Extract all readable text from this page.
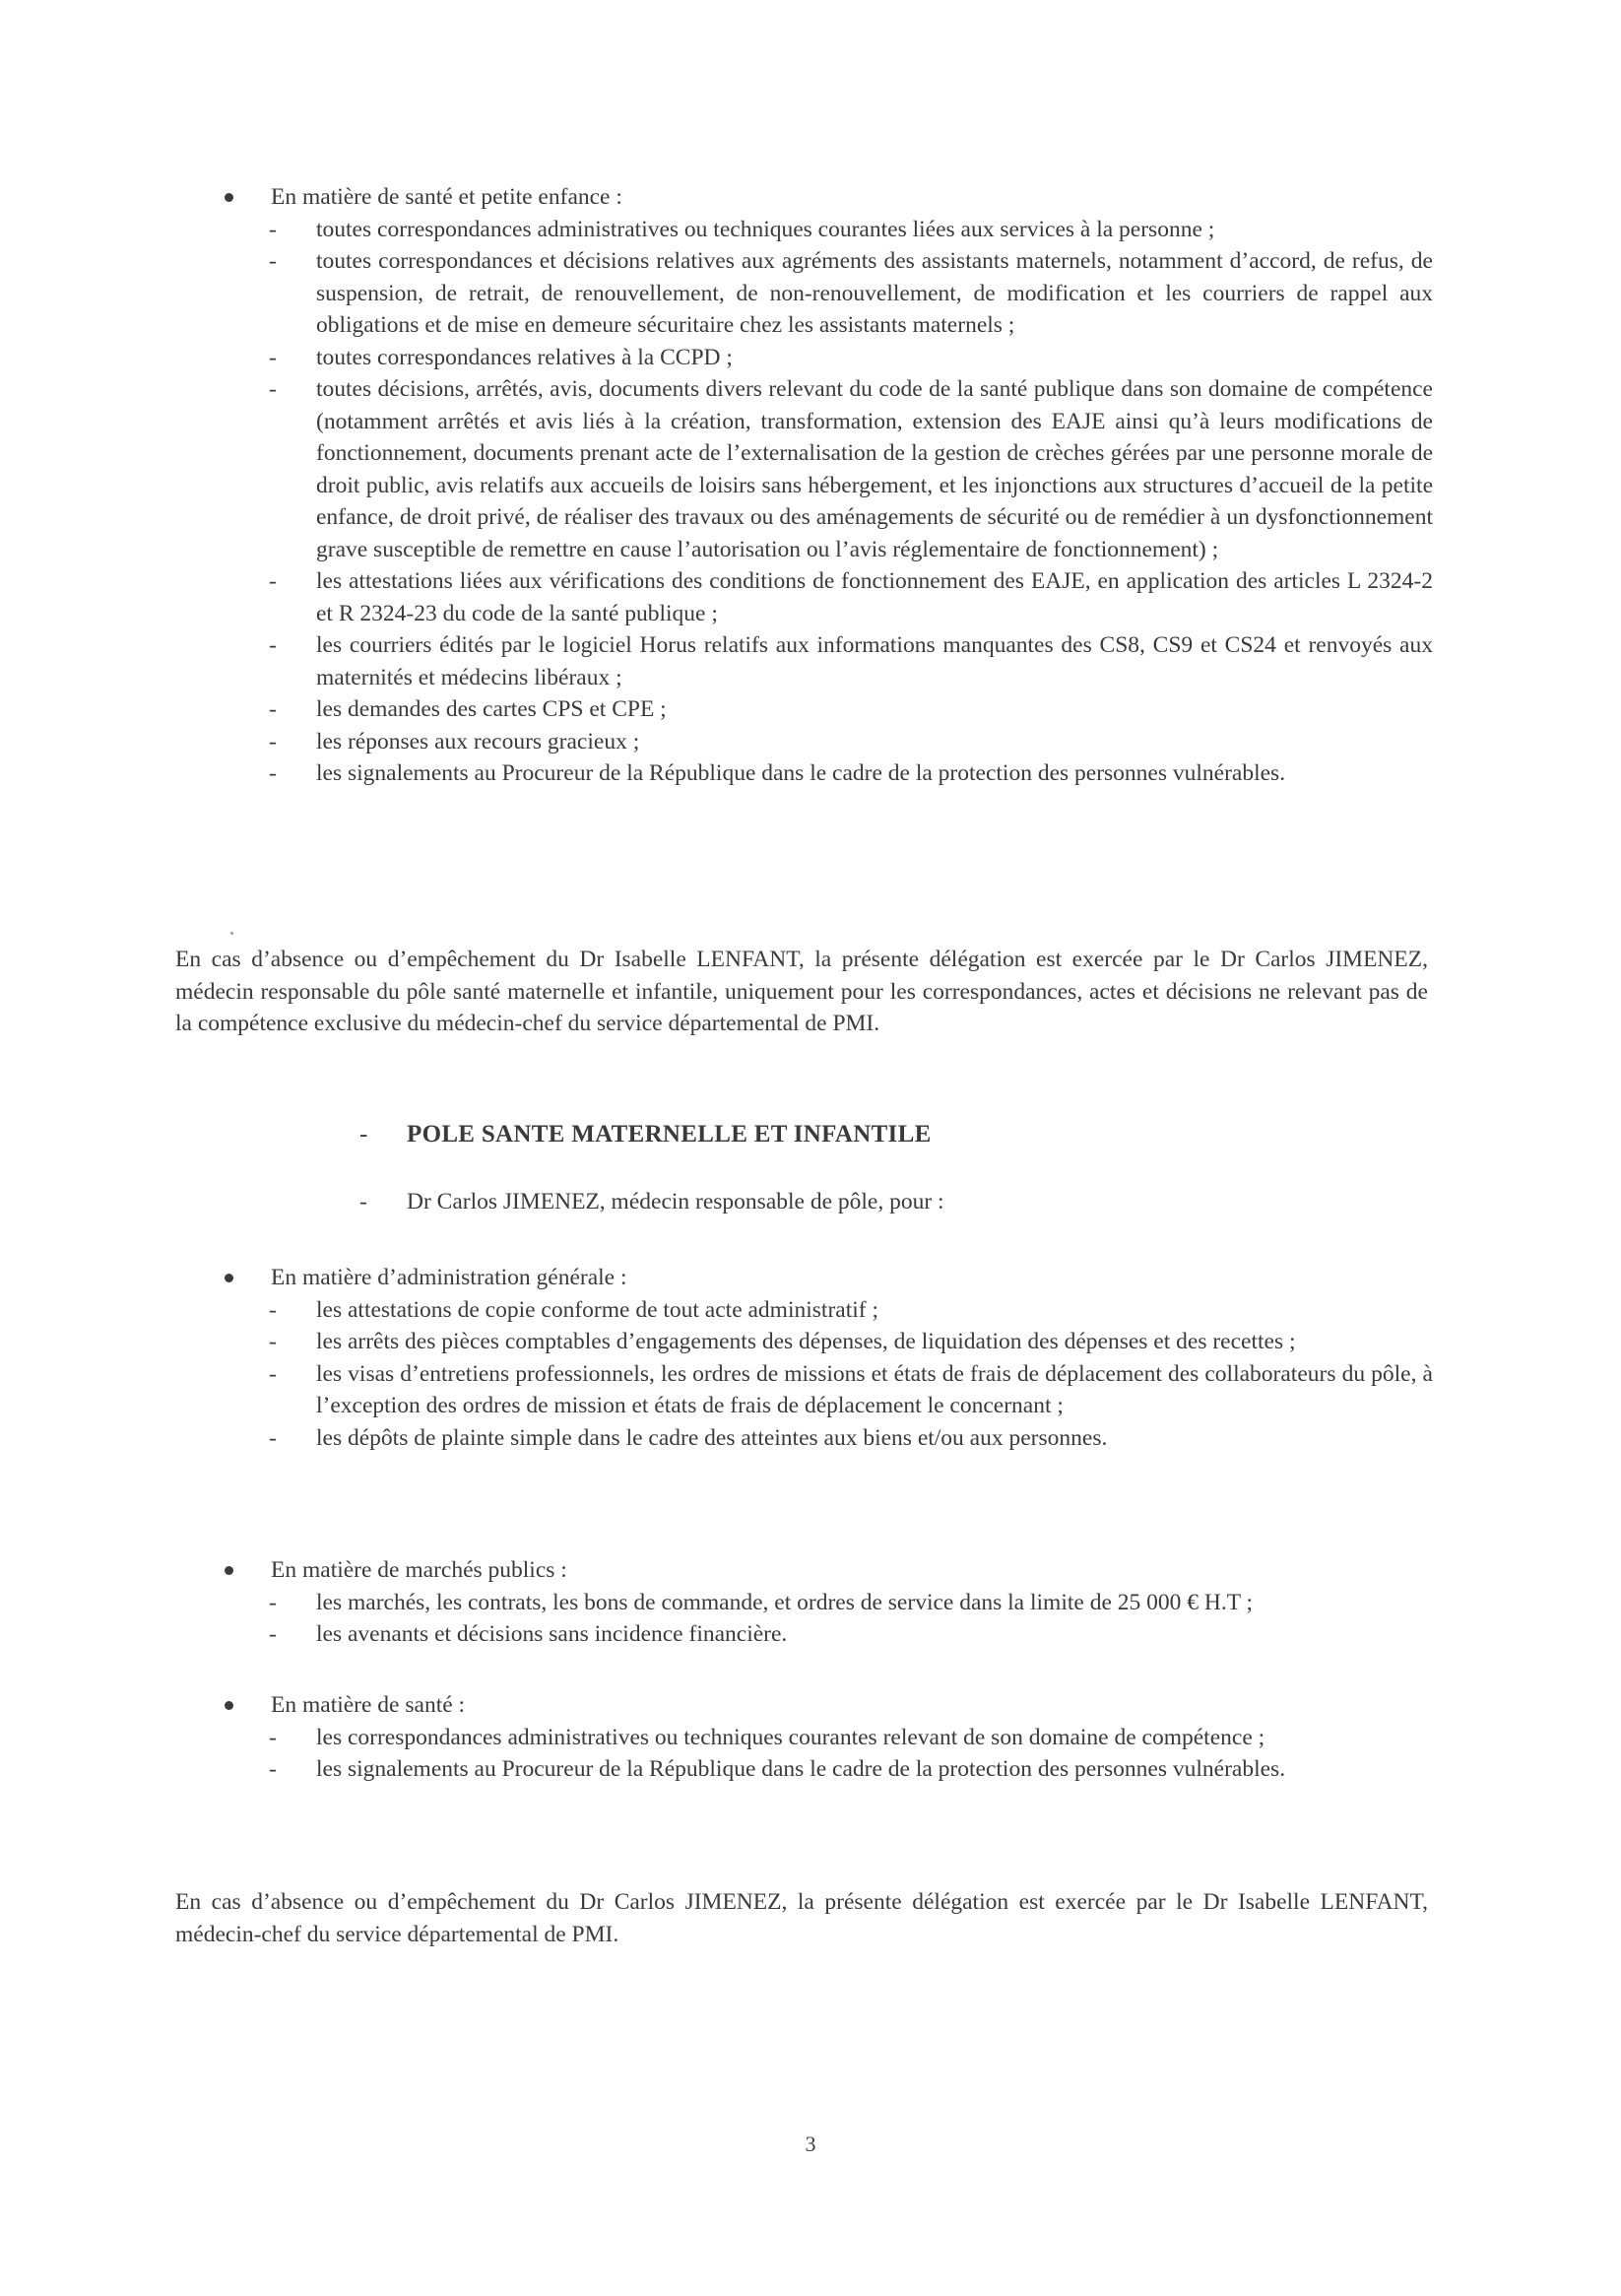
En matière de santé et petite enfance :
- toutes correspondances administratives ou techniques courantes liées aux services à la personne ;
- toutes correspondances et décisions relatives aux agréments des assistants maternels, notamment d’accord, de refus, de suspension, de retrait, de renouvellement, de non-renouvellement, de modification et les courriers de rappel aux obligations et de mise en demeure sécuritaire chez les assistants maternels ;
- toutes correspondances relatives à la CCPD ;
- toutes décisions, arrêtés, avis, documents divers relevant du code de la santé publique dans son domaine de compétence (notamment arrêtés et avis liés à la création, transformation, extension des EAJE ainsi qu’à leurs modifications de fonctionnement, documents prenant acte de l’externalisation de la gestion de crèches gérées par une personne morale de droit public, avis relatifs aux accueils de loisirs sans hébergement, et les injonctions aux structures d’accueil de la petite enfance, de droit privé, de réaliser des travaux ou des aménagements de sécurité ou de remédier à un dysfonctionnement grave susceptible de remettre en cause l’autorisation ou l’avis réglementaire de fonctionnement) ;
- les attestations liées aux vérifications des conditions de fonctionnement des EAJE, en application des articles L 2324-2 et R 2324-23 du code de la santé publique ;
- les courriers édités par le logiciel Horus relatifs aux informations manquantes des CS8, CS9 et CS24 et renvoyés aux maternités et médecins libéraux ;
- les demandes des cartes CPS et CPE ;
- les réponses aux recours gracieux ;
- les signalements au Procureur de la République dans le cadre de la protection des personnes vulnérables.

En cas d’absence ou d’empêchement du Dr Isabelle LENFANT, la présente délégation est exercée par le Dr Carlos JIMENEZ, médecin responsable du pôle santé maternelle et infantile, uniquement pour les correspondances, actes et décisions ne relevant pas de la compétence exclusive du médecin-chef du service départemental de PMI.

- POLE SANTE MATERNELLE ET INFANTILE
- Dr Carlos JIMENEZ, médecin responsable de pôle, pour :
En matière d’administration générale :
- les attestations de copie conforme de tout acte administratif ;
- les arrêts des pièces comptables d’engagements des dépenses, de liquidation des dépenses et des recettes ;
- les visas d’entretiens professionnels, les ordres de missions et états de frais de déplacement des collaborateurs du pôle, à l’exception des ordres de mission et états de frais de déplacement le concernant ;
- les dépôts de plainte simple dans le cadre des atteintes aux biens et/ou aux personnes.
En matière de marchés publics :
- les marchés, les contrats, les bons de commande, et ordres de service dans la limite de 25 000 € H.T ;
- les avenants et décisions sans incidence financière.
En matière de santé :
- les correspondances administratives ou techniques courantes relevant de son domaine de compétence ;
- les signalements au Procureur de la République dans le cadre de la protection des personnes vulnérables.

En cas d’absence ou d’empêchement du Dr Carlos JIMENEZ, la présente délégation est exercée par le Dr Isabelle LENFANT, médecin-chef du service départemental de PMI.

3
